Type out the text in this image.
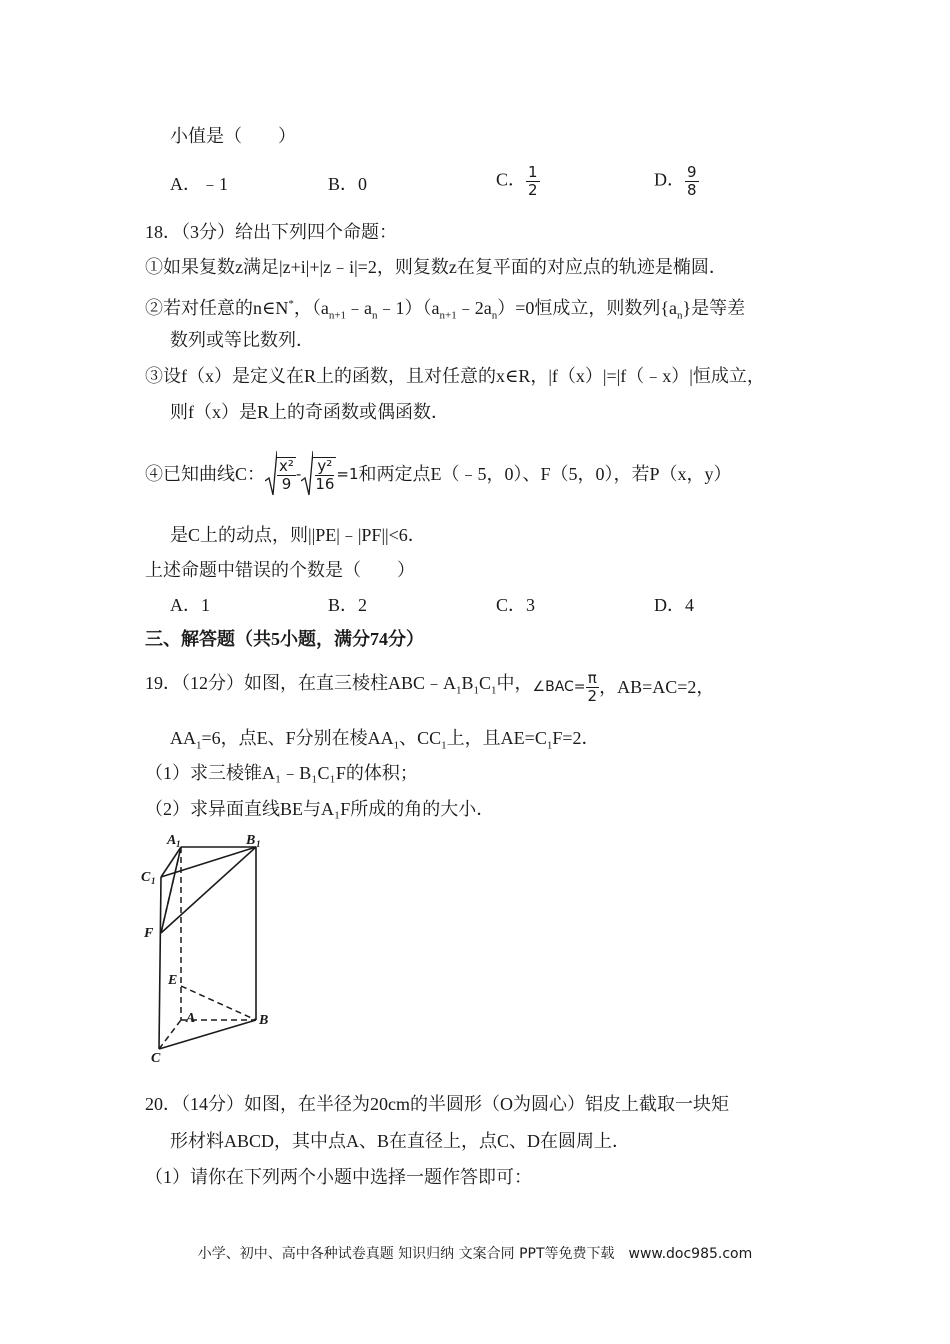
小值是（　　）
A．﹣1	B．0	C． $\frac{1}{2}$	D． $\frac{9}{8}$
18．（3分）给出下列四个命题：
①如果复数z满足|z+i|+|z﹣i|=2，则复数z在复平面的对应点的轨迹是椭圆．
②若对任意的n∈N*，$(a_{n+1}﹣a_n﹣1)(a_{n+1}﹣2a_n)=0$恒成立，则数列$\{a_n\}$是等差
数列或等比数列．
③设f（x）是定义在R上的函数，且对任意的x∈R，|f（x）|=|f（﹣x）|恒成立，
则f（x）是R上的奇函数或偶函数．
④已知曲线C： $\frac{\text{x²}}{9} - \frac{\text{y²}}{16} =1$ 和两定点E（﹣5，0）、F（5，0），若P（x，y）
是C上的动点，则||PE|﹣|PF||<6．
上述命题中错误的个数是（　　）
A．1	B．2	C．3	D．4
三、解答题（共5小题，满分74分）
19．（12分）如图，在直三棱柱$ABC﹣A_1B_1C_1$中， ∠BAC= $\frac{\pi}{2}$ ，AB=AC=2，
$AA_1=6$，点E、F分别在棱$AA_1$、$CC_1$上，且$AE=C_1F=2$．
（1）求三棱锥A₁﹣B₁C₁F的体积；
（2）求异面直线BE与A₁F所成的角的大小．
A 1	B 1
C 1
F
E
A	B
C
20．（14分）如图，在半径为20cm的半圆形（O为圆心）铝皮上截取一块矩
形材料ABCD，其中点A、B在直径上，点C、D在圆周上．
（1）请你在下列两个小题中选择一题作答即可：
小学、初中、高中各种试卷真题 知识归纳 文案合同 PPT等免费下载　www.doc985.com
